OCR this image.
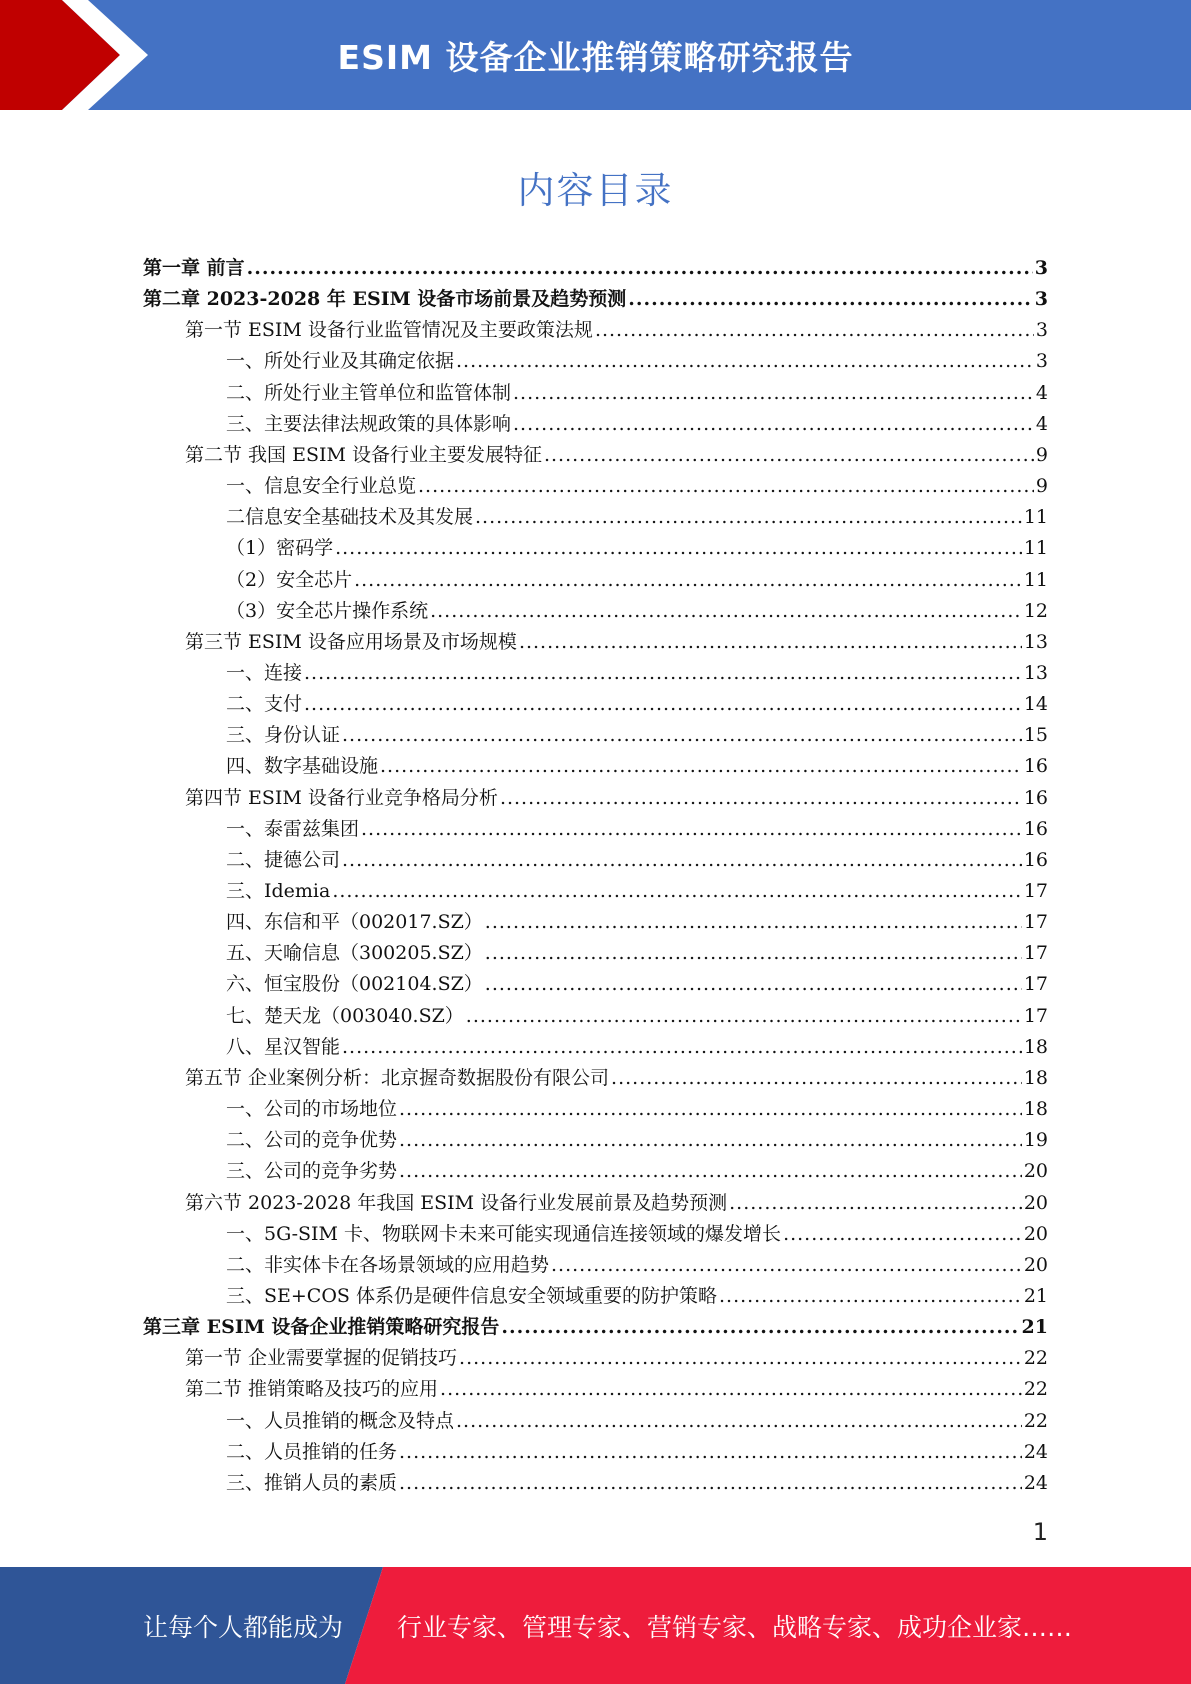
ESIM 设备企业推销策略研究报告
内容目录
第一章 前言 .....	3
第二章 2023-2028 年 ESIM 设备市场前景及趋势预测 .....	3
第一节 ESIM 设备行业监管情况及主要政策法规 .....	3
一、所处行业及其确定依据 .....	3
二、所处行业主管单位和监管体制 .....	4
三、主要法律法规政策的具体影响 .....	4
第二节 我国 ESIM 设备行业主要发展特征 .....	9
一、信息安全行业总览 .....	9
二信息安全基础技术及其发展 .....	11
（1）密码学 .....	11
（2）安全芯片 .....	11
（3）安全芯片操作系统 .....	12
第三节 ESIM 设备应用场景及市场规模 .....	13
一、连接 .....	13
二、支付 .....	14
三、身份认证 .....	15
四、数字基础设施 .....	16
第四节 ESIM 设备行业竞争格局分析 .....	16
一、泰雷兹集团 .....	16
二、捷德公司 .....	16
三、Idemia .....	17
四、东信和平（002017.SZ） .....	17
五、天喻信息（300205.SZ） .....	17
六、恒宝股份（002104.SZ） .....	17
七、楚天龙（003040.SZ） .....	17
八、星汉智能 .....	18
第五节 企业案例分析：北京握奇数据股份有限公司 .....	18
一、公司的市场地位 .....	18
二、公司的竞争优势 .....	19
三、公司的竞争劣势 .....	20
第六节 2023-2028 年我国 ESIM 设备行业发展前景及趋势预测 .....	20
一、5G-SIM 卡、物联网卡未来可能实现通信连接领域的爆发增长 .....	20
二、非实体卡在各场景领域的应用趋势 .....	20
三、SE+COS 体系仍是硬件信息安全领域重要的防护策略 .....	21
第三章 ESIM 设备企业推销策略研究报告 .....	21
第一节 企业需要掌握的促销技巧 .....	22
第二节 推销策略及技巧的应用 .....	22
一、人员推销的概念及特点 .....	22
二、人员推销的任务 .....	24
三、推销人员的素质 .....	24
1
让每个人都能成为 行业专家、管理专家、营销专家、战略专家、成功企业家……
